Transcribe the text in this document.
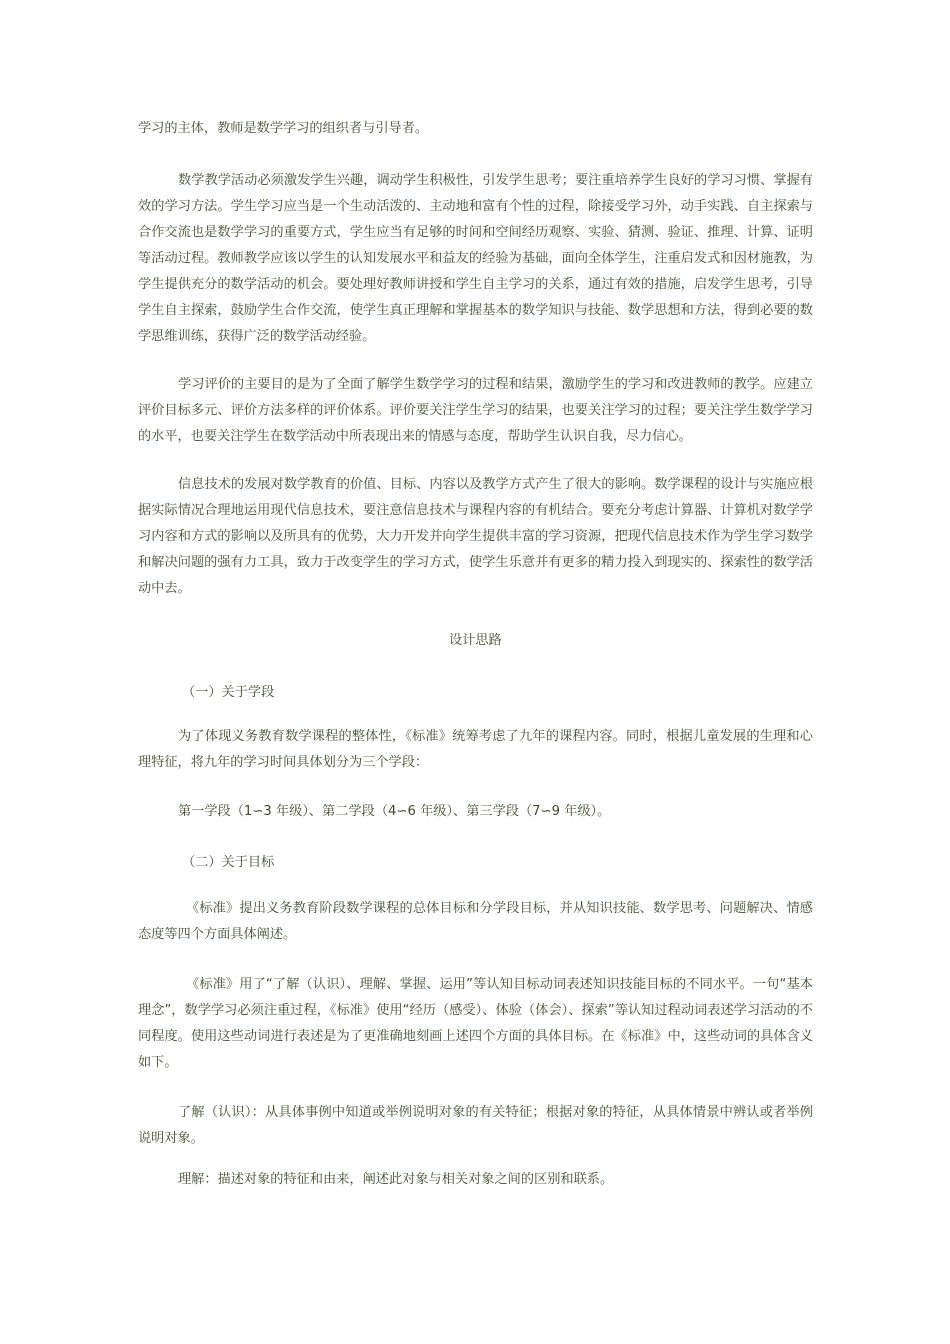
学习的主体，教师是数学学习的组织者与引导者。

数学教学活动必须激发学生兴趣，调动学生积极性，引发学生思考；要注重培养学生良好的学习习惯、掌握有效的学习方法。学生学习应当是一个生动活泼的、主动地和富有个性的过程，除接受学习外，动手实践、自主探索与合作交流也是数学学习的重要方式，学生应当有足够的时间和空间经历观察、实验、猜测、验证、推理、计算、证明等活动过程。教师教学应该以学生的认知发展水平和益友的经验为基础，面向全体学生，注重启发式和因材施教，为学生提供充分的数学活动的机会。要处理好教师讲授和学生自主学习的关系，通过有效的措施，启发学生思考，引导学生自主探索，鼓励学生合作交流，使学生真正理解和掌握基本的数学知识与技能、数学思想和方法，得到必要的数学思维训练，获得广泛的数学活动经验。

学习评价的主要目的是为了全面了解学生数学学习的过程和结果，激励学生的学习和改进教师的教学。应建立评价目标多元、评价方法多样的评价体系。评价要关注学生学习的结果，也要关注学习的过程；要关注学生数学学习的水平，也要关注学生在数学活动中所表现出来的情感与态度，帮助学生认识自我，尽力信心。

信息技术的发展对数学教育的价值、目标、内容以及教学方式产生了很大的影响。数学课程的设计与实施应根据实际情况合理地运用现代信息技术，要注意信息技术与课程内容的有机结合。要充分考虑计算器、计算机对数学学习内容和方式的影响以及所具有的优势，大力开发并向学生提供丰富的学习资源，把现代信息技术作为学生学习数学和解决问题的强有力工具，致力于改变学生的学习方式，使学生乐意并有更多的精力投入到现实的、探索性的数学活动中去。

设计思路

（一）关于学段

为了体现义务教育数学课程的整体性，《标准》统筹考虑了九年的课程内容。同时，根据儿童发展的生理和心理特征，将九年的学习时间具体划分为三个学段：

第一学段（1∽3 年级）、第二学段（4∽6 年级）、第三学段（7∽9 年级）。

（二）关于目标

《标准》提出义务教育阶段数学课程的总体目标和分学段目标，并从知识技能、数学思考、问题解决、情感态度等四个方面具体阐述。

《标准》用了“了解（认识）、理解、掌握、运用”等认知目标动词表述知识技能目标的不同水平。一句“基本理念”，数学学习必须注重过程，《标准》使用“经历（感受）、体验（体会）、探索”等认知过程动词表述学习活动的不同程度。使用这些动词进行表述是为了更准确地刻画上述四个方面的具体目标。在《标准》中，这些动词的具体含义如下。

了解（认识）：从具体事例中知道或举例说明对象的有关特征；根据对象的特征，从具体情景中辨认或者举例说明对象。

理解：描述对象的特征和由来，阐述此对象与相关对象之间的区别和联系。
